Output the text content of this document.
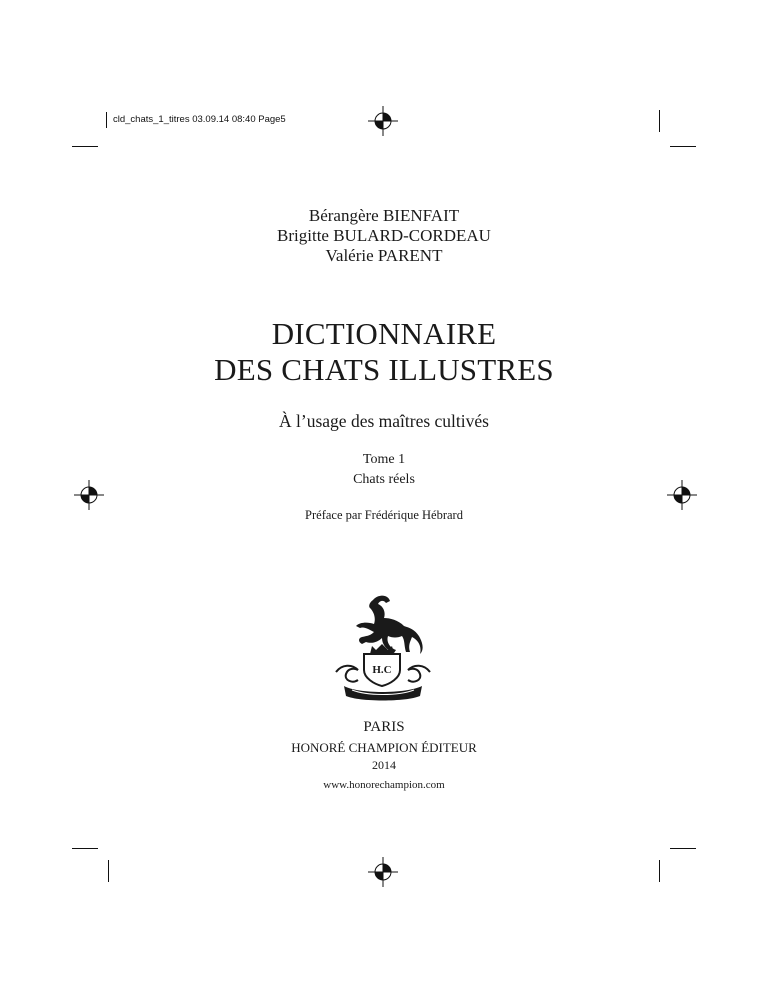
cld_chats_1_titres 03.09.14 08:40 Page5
Bérangère BIENFAIT
Brigitte BULARD-CORDEAU
Valérie PARENT
DICTIONNAIRE
DES CHATS ILLUSTRES
À l’usage des maîtres cultivés
Tome 1
Chats réels
Préface par Frédérique Hébrard
H.C
PARIS
HONORÉ CHAMPION ÉDITEUR
2014
www.honorechampion.com
